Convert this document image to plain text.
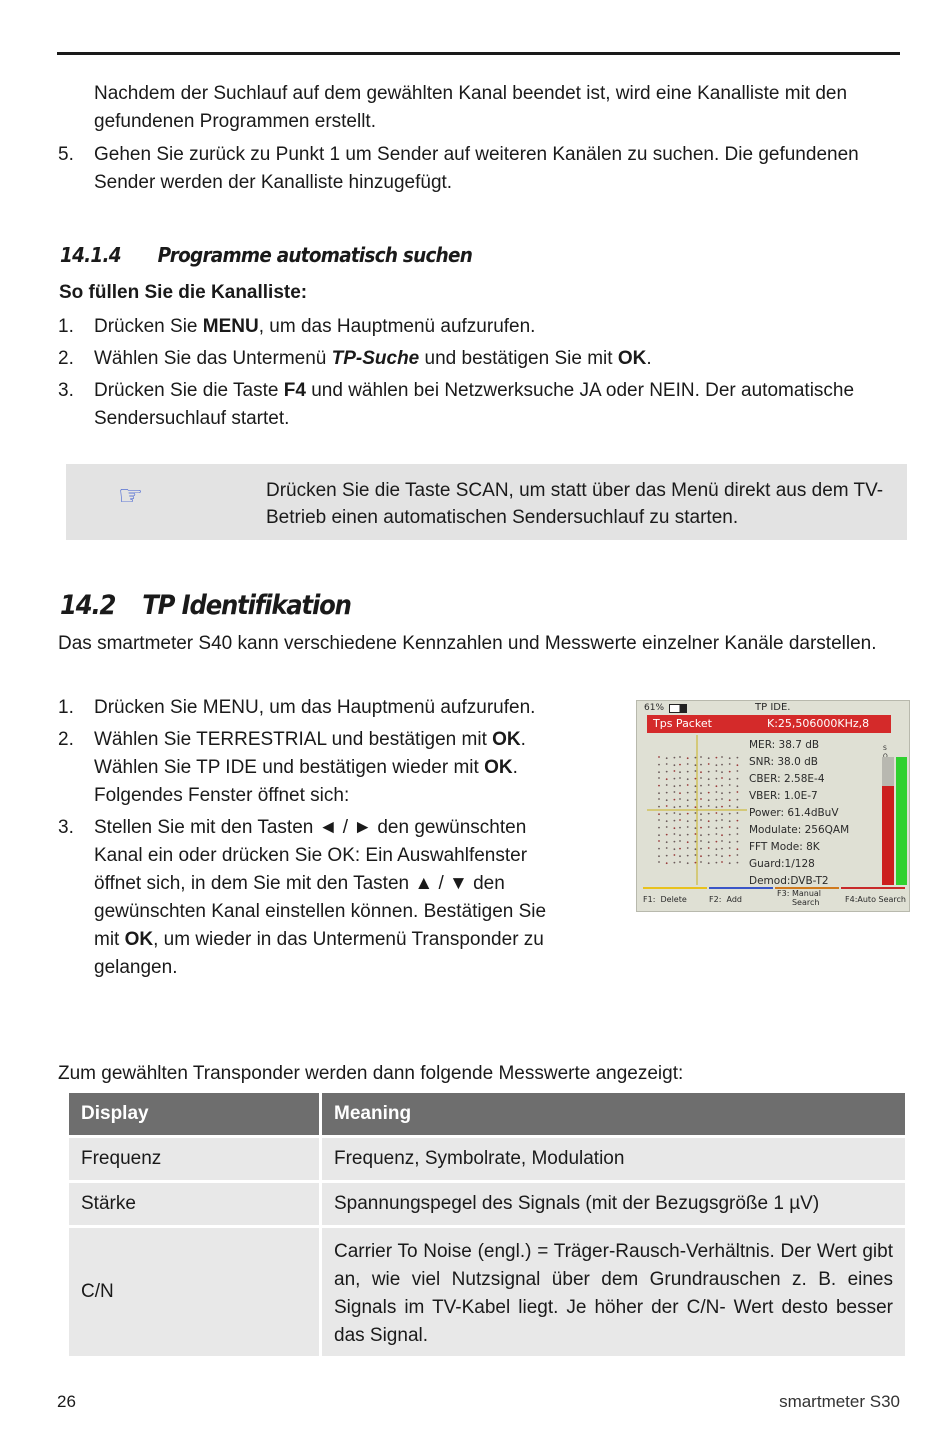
Nachdem der Suchlauf auf dem gewählten Kanal beendet ist, wird eine Kanalliste mit den gefundenen Programmen erstellt.
5. Gehen Sie zurück zu Punkt 1 um Sender auf weiteren Kanälen zu suchen. Die gefundenen Sender werden der Kanalliste hinzugefügt.
14.1.4 Programme automatisch suchen
So füllen Sie die Kanalliste:
1. Drücken Sie MENU, um das Hauptmenü aufzurufen.
2. Wählen Sie das Untermenü TP-Suche und bestätigen Sie mit OK.
3. Drücken Sie die Taste F4 und wählen bei Netzwerksuche JA oder NEIN. Der automatische Sendersuchlauf startet.
☞	Drücken Sie die Taste SCAN, um statt über das Menü direkt aus dem TV-Betrieb einen automatischen Sendersuchlauf zu starten.
14.2 TP Identifikation
Das smartmeter S40 kann verschiedene Kennzahlen und Messwerte einzelner Kanäle darstellen.
1. Drücken Sie MENU, um das Hauptmenü aufzurufen.
2. Wählen Sie TERRESTRIAL und bestätigen mit OK. Wählen Sie TP IDE und bestätigen wieder mit OK. Folgendes Fenster öffnet sich:
3. Stellen Sie mit den Tasten ◄ / ► den gewünschten Kanal ein oder drücken Sie OK: Ein Auswahlfenster öffnet sich, in dem Sie mit den Tasten ▲ / ▼ den gewünschten Kanal einstellen können. Bestätigen Sie mit OK, um wieder in das Untermenü Transponder zu gelangen.
61%	TP IDE.
Tps Packet	K:25,506000KHz,8
MER: 38.7 dB
SNR: 38.0 dB
CBER: 2.58E-4
VBER: 1.0E-7
Power: 61.4dBuV
Modulate: 256QAM
FFT Mode: 8K
Guard:1/128
Demod:DVB-T2
S
F1: Delete	F2: Add
F3: Manual Search	F4:Auto Search
Zum gewählten Transponder werden dann folgende Messwerte angezeigt:
Display	Meaning
Frequenz	Frequenz, Symbolrate, Modulation
Stärke	Spannungspegel des Signals (mit der Bezugsgröße 1 µV)
C/N	Carrier To Noise (engl.) = Träger-Rausch-Verhältnis. Der Wert gibt an, wie viel Nutzsignal über dem Grundrauschen z. B. eines Signals im TV-Kabel liegt. Je höher der C/N- Wert desto besser das Signal.
26	smartmeter S30
